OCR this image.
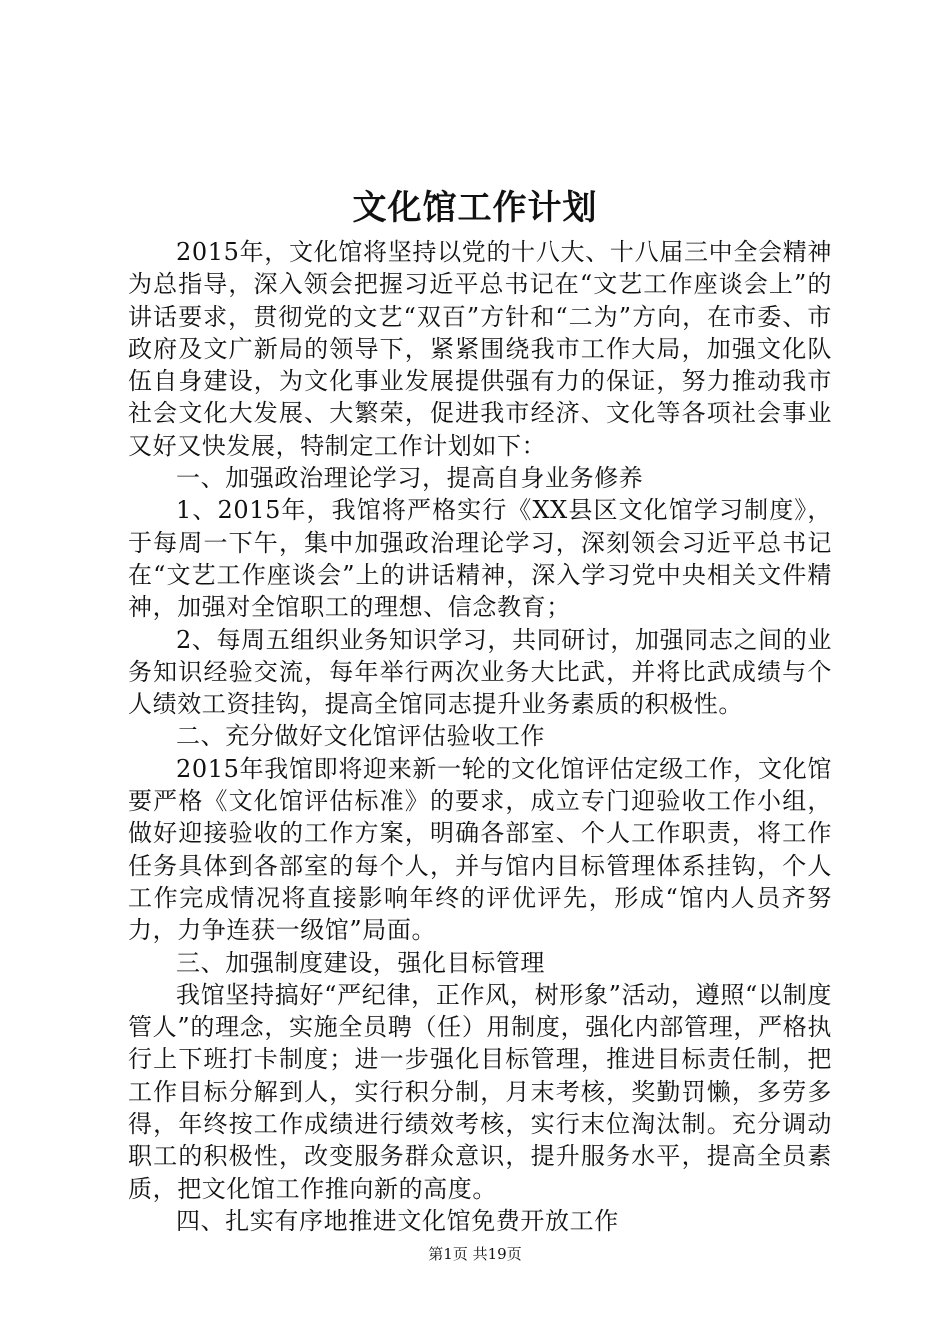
文化馆工作计划

2015年，文化馆将坚持以党的十八大、十八届三中全会精神为总指导，深入领会把握习近平总书记在“文艺工作座谈会上”的讲话要求，贯彻党的文艺“双百”方针和“二为”方向，在市委、市政府及文广新局的领导下，紧紧围绕我市工作大局，加强文化队伍自身建设，为文化事业发展提供强有力的保证，努力推动我市社会文化大发展、大繁荣，促进我市经济、文化等各项社会事业又好又快发展，特制定工作计划如下：

一、加强政治理论学习，提高自身业务修养

1、2015年，我馆将严格实行《XX县区文化馆学习制度》，于每周一下午，集中加强政治理论学习，深刻领会习近平总书记在“文艺工作座谈会”上的讲话精神，深入学习党中央相关文件精神，加强对全馆职工的理想、信念教育；

2、每周五组织业务知识学习，共同研讨，加强同志之间的业务知识经验交流，每年举行两次业务大比武，并将比武成绩与个人绩效工资挂钩，提高全馆同志提升业务素质的积极性。

二、充分做好文化馆评估验收工作

2015年我馆即将迎来新一轮的文化馆评估定级工作，文化馆要严格《文化馆评估标准》的要求，成立专门迎验收工作小组，做好迎接验收的工作方案，明确各部室、个人工作职责，将工作任务具体到各部室的每个人，并与馆内目标管理体系挂钩，个人工作完成情况将直接影响年终的评优评先，形成“馆内人员齐努力，力争连获一级馆”局面。

三、加强制度建设，强化目标管理

我馆坚持搞好“严纪律，正作风，树形象”活动，遵照“以制度管人”的理念，实施全员聘（任）用制度，强化内部管理，严格执行上下班打卡制度；进一步强化目标管理，推进目标责任制，把工作目标分解到人，实行积分制，月末考核，奖勤罚懒，多劳多得，年终按工作成绩进行绩效考核，实行末位淘汰制。充分调动职工的积极性，改变服务群众意识，提升服务水平，提高全员素质，把文化馆工作推向新的高度。

四、扎实有序地推进文化馆免费开放工作

第1页 共19页
